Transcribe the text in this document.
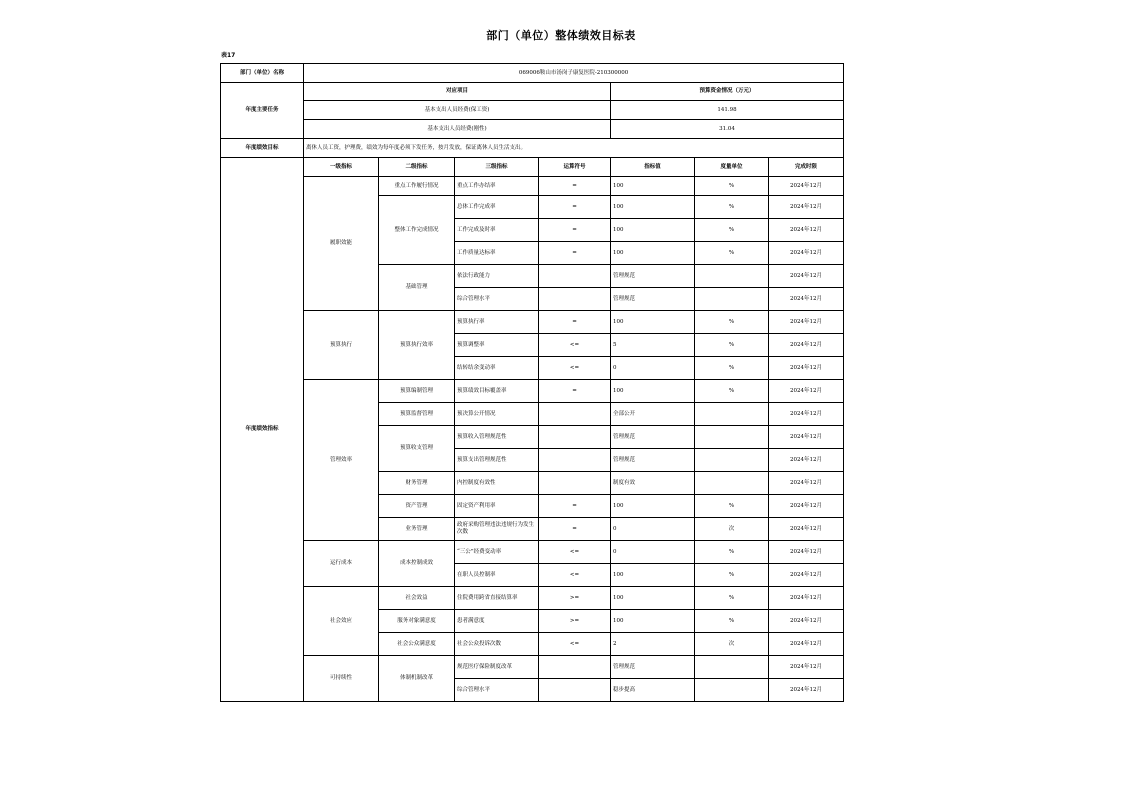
部门（单位）整体绩效目标表
表17
部门（单位）名称	069006鞍山市汤岗子康复医院-210300000						
年度主要任务	对应项目				预算资金情况（万元）		
	基本支出人员经费(保工资)				141.98		
	基本支出人员经费(刚性)				31.04		
年度绩效目标	离休人员工资，护理费，绩效为每年度必须下发任务，按月发放，保证离休人员生活支出。						
年度绩效指标	一级指标	二级指标	三级指标	运算符号	指标值	度量单位	完成时限
	履职效能	重点工作履行情况	重点工作办结率	=	100	%	2024年12月
		整体工作完成情况	总体工作完成率	=	100	%	2024年12月
			工作完成及时率	=	100	%	2024年12月
			工作质量达标率	=	100	%	2024年12月
		基础管理	依法行政能力		管理规范		2024年12月
			综合管理水平		管理规范		2024年12月
	预算执行	预算执行效率	预算执行率	=	100	%	2024年12月
			预算调整率	<=	5	%	2024年12月
			结转结余变动率	<=	0	%	2024年12月
	管理效率	预算编制管理	预算绩效目标覆盖率	=	100	%	2024年12月
		预算监督管理	预决算公开情况		全部公开		2024年12月
		预算收支管理	预算收入管理规范性		管理规范		2024年12月
			预算支出管理规范性		管理规范		2024年12月
		财务管理	内控制度有效性		制度有效		2024年12月
		资产管理	固定资产利用率	=	100	%	2024年12月
		业务管理	政府采购管理违法违规行为发生次数	=	0	次	2024年12月
	运行成本	成本控制成效	“三公”经费变动率	<=	0	%	2024年12月
			在职人员控制率	<=	100	%	2024年12月
	社会效应	社会效益	住院费用跨省直接结算率	>=	100	%	2024年12月
		服务对象满意度	患者满意度	>=	100	%	2024年12月
		社会公众满意度	社会公众投诉次数	<=	2	次	2024年12月
	可持续性	体制机制改革	规范医疗保险制度改革		管理规范		2024年12月
			综合管理水平		稳步提高		2024年12月
